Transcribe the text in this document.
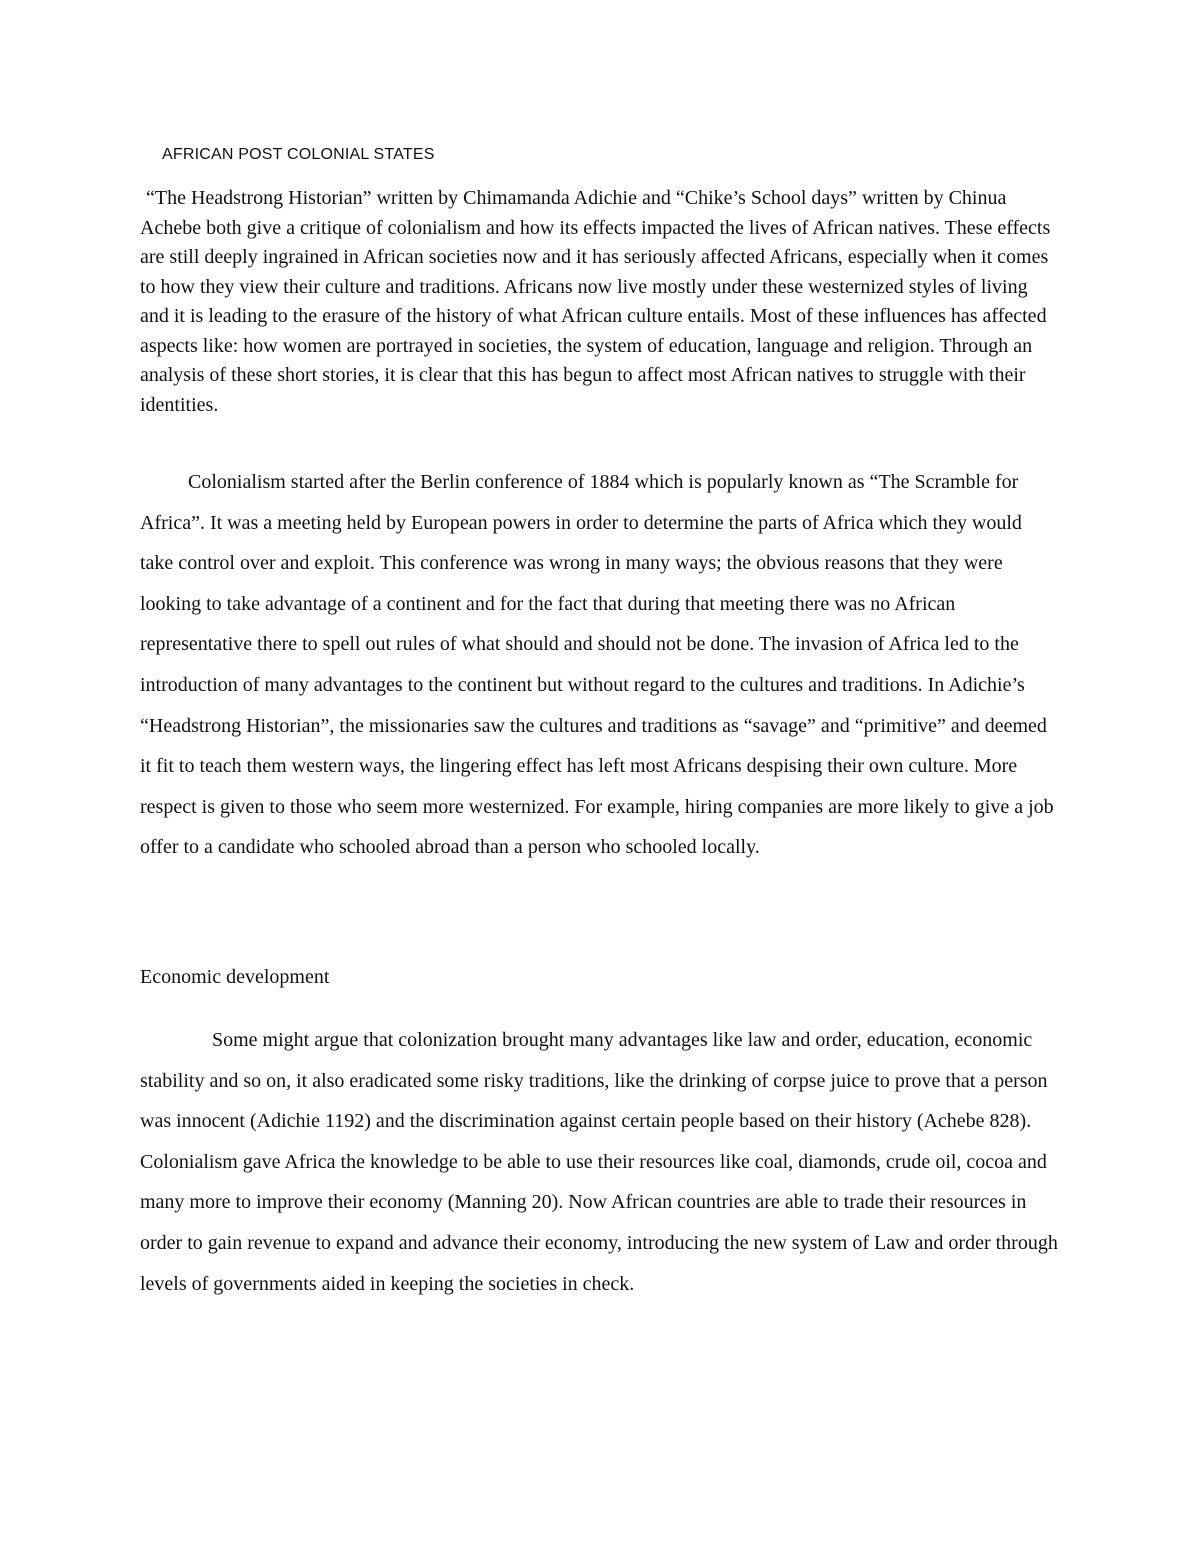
AFRICAN POST COLONIAL STATES

“The Headstrong Historian” written by Chimamanda Adichie and “Chike’s School days” written by Chinua Achebe both give a critique of colonialism and how its effects impacted the lives of African natives. These effects are still deeply ingrained in African societies now and it has seriously affected Africans, especially when it comes to how they view their culture and traditions. Africans now live mostly under these westernized styles of living and it is leading to the erasure of the history of what African culture entails. Most of these influences has affected aspects like: how women are portrayed in societies, the system of education, language and religion. Through an analysis of these short stories, it is clear that this has begun to affect most African natives to struggle with their identities.

Colonialism started after the Berlin conference of 1884 which is popularly known as “The Scramble for Africa”. It was a meeting held by European powers in order to determine the parts of Africa which they would take control over and exploit. This conference was wrong in many ways; the obvious reasons that they were looking to take advantage of a continent and for the fact that during that meeting there was no African representative there to spell out rules of what should and should not be done. The invasion of Africa led to the introduction of many advantages to the continent but without regard to the cultures and traditions. In Adichie’s “Headstrong Historian”, the missionaries saw the cultures and traditions as “savage” and “primitive” and deemed it fit to teach them western ways, the lingering effect has left most Africans despising their own culture. More respect is given to those who seem more westernized. For example, hiring companies are more likely to give a job offer to a candidate who schooled abroad than a person who schooled locally.

Economic development

Some might argue that colonization brought many advantages like law and order, education, economic stability and so on, it also eradicated some risky traditions, like the drinking of corpse juice to prove that a person was innocent (Adichie 1192) and the discrimination against certain people based on their history (Achebe 828). Colonialism gave Africa the knowledge to be able to use their resources like coal, diamonds, crude oil, cocoa and many more to improve their economy (Manning 20). Now African countries are able to trade their resources in order to gain revenue to expand and advance their economy, introducing the new system of Law and order through levels of governments aided in keeping the societies in check.
